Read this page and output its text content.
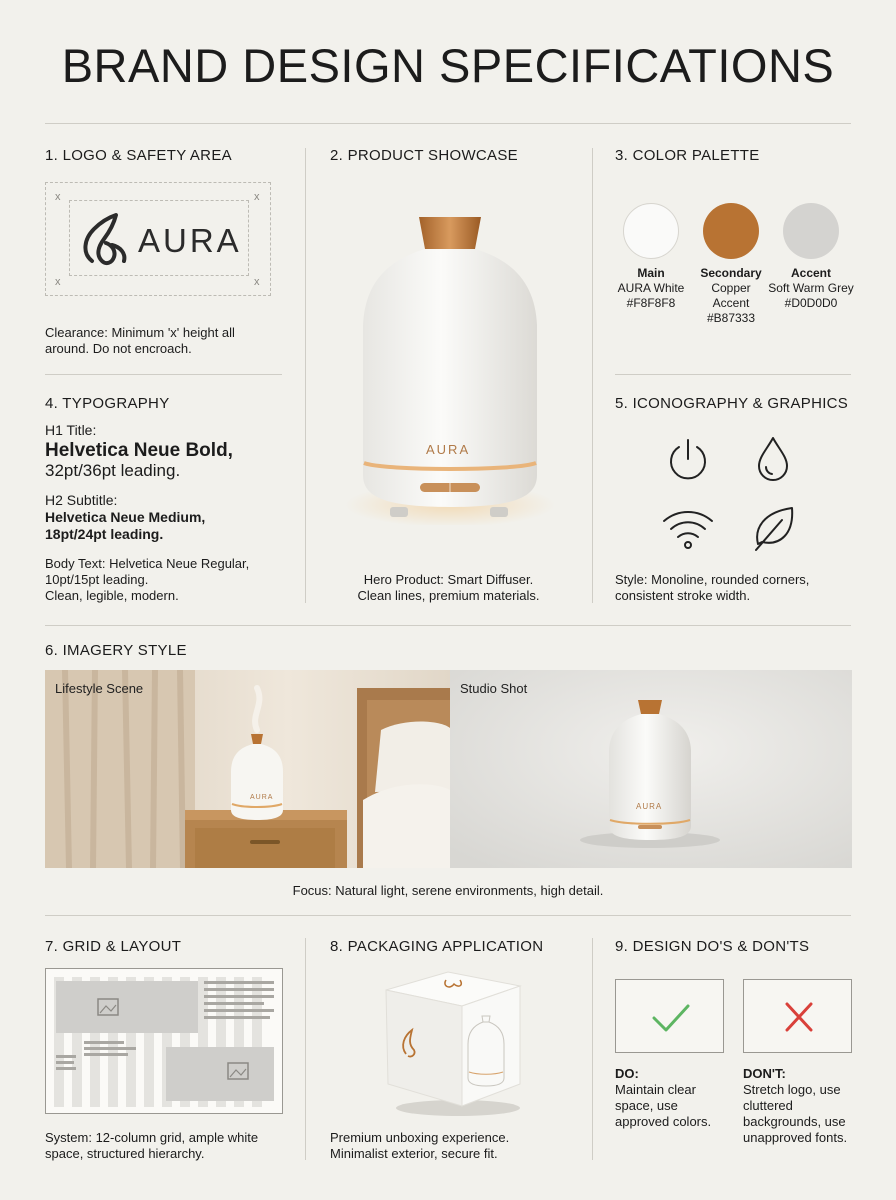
BRAND DESIGN SPECIFICATIONS
1. LOGO & SAFETY AREA
x	x
x	x
AURA
Clearance: Minimum 'x' height all around. Do not encroach.
2. PRODUCT SHOWCASE
AURA
Hero Product: Smart Diffuser.
Clean lines, premium materials.
3. COLOR PALETTE
Main
AURA White
#F8F8F8
Secondary
Copper
Accent
#B87333
Accent
Soft Warm Grey
#D0D0D0
4. TYPOGRAPHY
H1 Title:
Helvetica Neue Bold,
32pt/36pt leading.
H2 Subtitle:
Helvetica Neue Medium,
18pt/24pt leading.
Body Text: Helvetica Neue Regular,
10pt/15pt leading.
Clean, legible, modern.
5. ICONOGRAPHY & GRAPHICS
Style: Monoline, rounded corners,
consistent stroke width.
6. IMAGERY STYLE
AURA
Lifestyle Scene
AURA
Studio Shot
Focus: Natural light, serene environments, high detail.
7. GRID & LAYOUT
System: 12-column grid, ample white
space, structured hierarchy.
8. PACKAGING APPLICATION
Premium unboxing experience.
Minimalist exterior, secure fit.
9. DESIGN DO'S & DON'TS
DO:
Maintain clear space, use approved colors.
DON'T:
Stretch logo, use cluttered backgrounds, use unapproved fonts.
